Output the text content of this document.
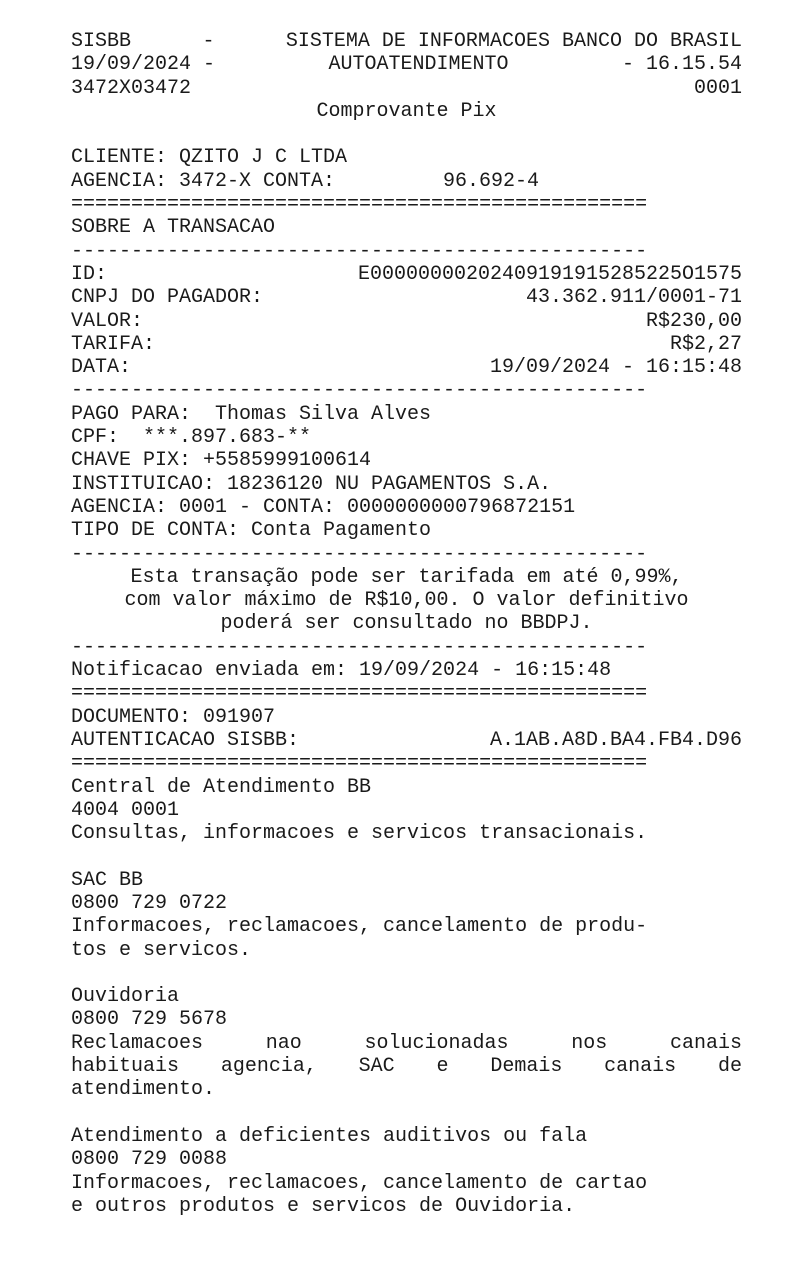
SISBB	-	SISTEMA DE INFORMACOES BANCO DO BRASIL
19/09/2024 -	AUTOATENDIMENTO	- 16.15.54
3472X03472	0001
Comprovante Pix
CLIENTE: QZITO J C LTDA
AGENCIA: 3472-X CONTA:	96.692-4
================================================
SOBRE A TRANSACAO
------------------------------------------------
ID:	E00000000202409191915285225O1575
CNPJ DO PAGADOR:	43.362.911/0001-71
VALOR:	R$230,00
TARIFA:	R$2,27
DATA:	19/09/2024 - 16:15:48
------------------------------------------------
PAGO PARA:  Thomas Silva Alves
CPF:  ***.897.683-**
CHAVE PIX: +5585999100614
INSTITUICAO: 18236120 NU PAGAMENTOS S.A.
AGENCIA: 0001 - CONTA: 0000000000796872151
TIPO DE CONTA: Conta Pagamento
------------------------------------------------
Esta transação pode ser tarifada em até 0,99%,
com valor máximo de R$10,00. O valor definitivo
poderá ser consultado no BBDPJ.
------------------------------------------------
Notificacao enviada em: 19/09/2024 - 16:15:48
================================================
DOCUMENTO: 091907
AUTENTICACAO SISBB:	A.1AB.A8D.BA4.FB4.D96
================================================
Central de Atendimento BB
4004 0001
Consultas, informacoes e servicos transacionais.
SAC BB
0800 729 0722
Informacoes, reclamacoes, cancelamento de produ-
tos e servicos.
Ouvidoria
0800 729 5678
Reclamacoes nao solucionadas nos canais
habituais agencia, SAC e Demais canais de
atendimento.
Atendimento a deficientes auditivos ou fala
0800 729 0088
Informacoes, reclamacoes, cancelamento de cartao
e outros produtos e servicos de Ouvidoria.
